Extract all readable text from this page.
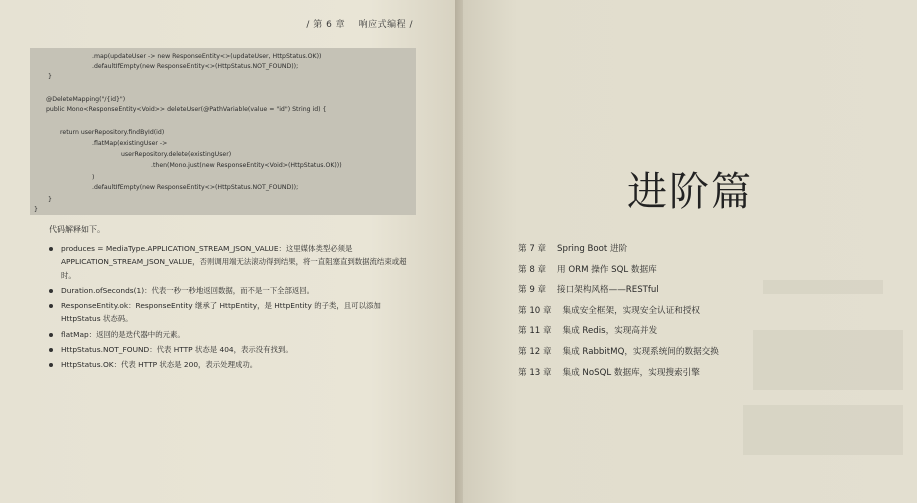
/ 第 6 章    响应式编程 /
.map(updateUser -> new ResponseEntity<>(updateUser, HttpStatus.OK))
.defaultIfEmpty(new ResponseEntity<>(HttpStatus.NOT_FOUND));
}
@DeleteMapping("/{id}")
public Mono<ResponseEntity<Void>> deleteUser(@PathVariable(value = "id") String id) {
return userRepository.findById(id)
.flatMap(existingUser ->
userRepository.delete(existingUser)
.then(Mono.just(new ResponseEntity<Void>(HttpStatus.OK)))
)
.defaultIfEmpty(new ResponseEntity<>(HttpStatus.NOT_FOUND));
}
}
代码解释如下。
produces = MediaType.APPLICATION_STREAM_JSON_VALUE：这里媒体类型必须是 APPLICATION_STREAM_JSON_VALUE，否则调用端无法滚动得到结果，将一直阻塞直到数据流结束或超时。
Duration.ofSeconds(1)：代表一秒一秒地返回数据，而不是一下全部返回。
ResponseEntity.ok：ResponseEntity 继承了 HttpEntity，是 HttpEntity 的子类，且可以添加 HttpStatus 状态码。
flatMap：返回的是迭代器中的元素。
HttpStatus.NOT_FOUND：代表 HTTP 状态是 404，表示没有找到。
HttpStatus.OK：代表 HTTP 状态是 200，表示处理成功。
进阶篇
第 7 章    Spring Boot 进阶
第 8 章    用 ORM 操作 SQL 数据库
第 9 章    接口架构风格——RESTful
第 10 章    集成安全框架，实现安全认证和授权
第 11 章    集成 Redis，实现高并发
第 12 章    集成 RabbitMQ，实现系统间的数据交换
第 13 章    集成 NoSQL 数据库，实现搜索引擎
